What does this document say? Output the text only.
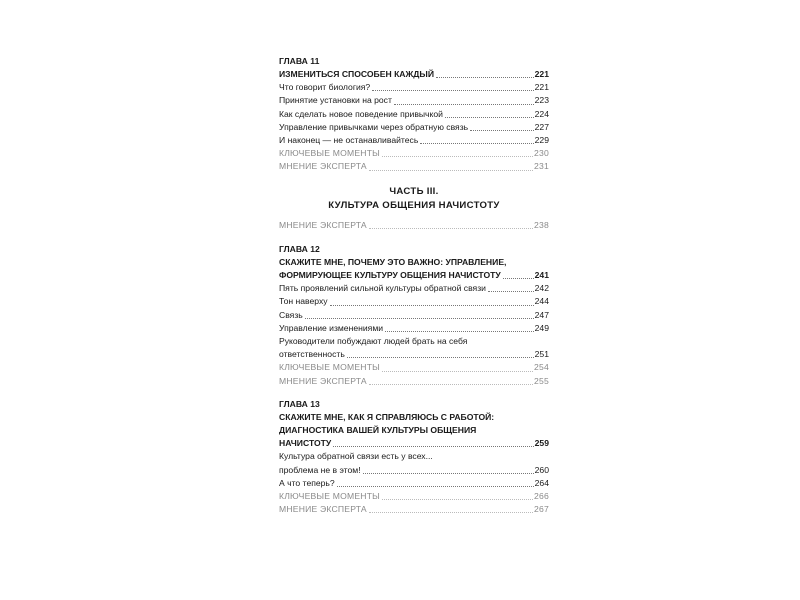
ГЛАВА 11
ИЗМЕНИТЬСЯ СПОСОБЕН КАЖДЫЙ	221
Что говорит биология?	221
Принятие установки на рост	223
Как сделать новое поведение привычкой	224
Управление привычками через обратную связь	227
И наконец — не останавливайтесь	229
КЛЮЧЕВЫЕ МОМЕНТЫ	230
МНЕНИЕ ЭКСПЕРТА	231
ЧАСТЬ III.
КУЛЬТУРА ОБЩЕНИЯ НАЧИСТОТУ
МНЕНИЕ ЭКСПЕРТА	238
ГЛАВА 12
СКАЖИТЕ МНЕ, ПОЧЕМУ ЭТО ВАЖНО: УПРАВЛЕНИЕ,
ФОРМИРУЮЩЕЕ КУЛЬТУРУ ОБЩЕНИЯ НАЧИСТОТУ	241
Пять проявлений сильной культуры обратной связи	242
Тон наверху	244
Связь	247
Управление изменениями	249
Руководители побуждают людей брать на себя
ответственность	251
КЛЮЧЕВЫЕ МОМЕНТЫ	254
МНЕНИЕ ЭКСПЕРТА	255
ГЛАВА 13
СКАЖИТЕ МНЕ, КАК Я СПРАВЛЯЮСЬ С РАБОТОЙ:
ДИАГНОСТИКА ВАШЕЙ КУЛЬТУРЫ ОБЩЕНИЯ
НАЧИСТОТУ	259
Культура обратной связи есть у всех...
проблема не в этом!	260
А что теперь?	264
КЛЮЧЕВЫЕ МОМЕНТЫ	266
МНЕНИЕ ЭКСПЕРТА	267
